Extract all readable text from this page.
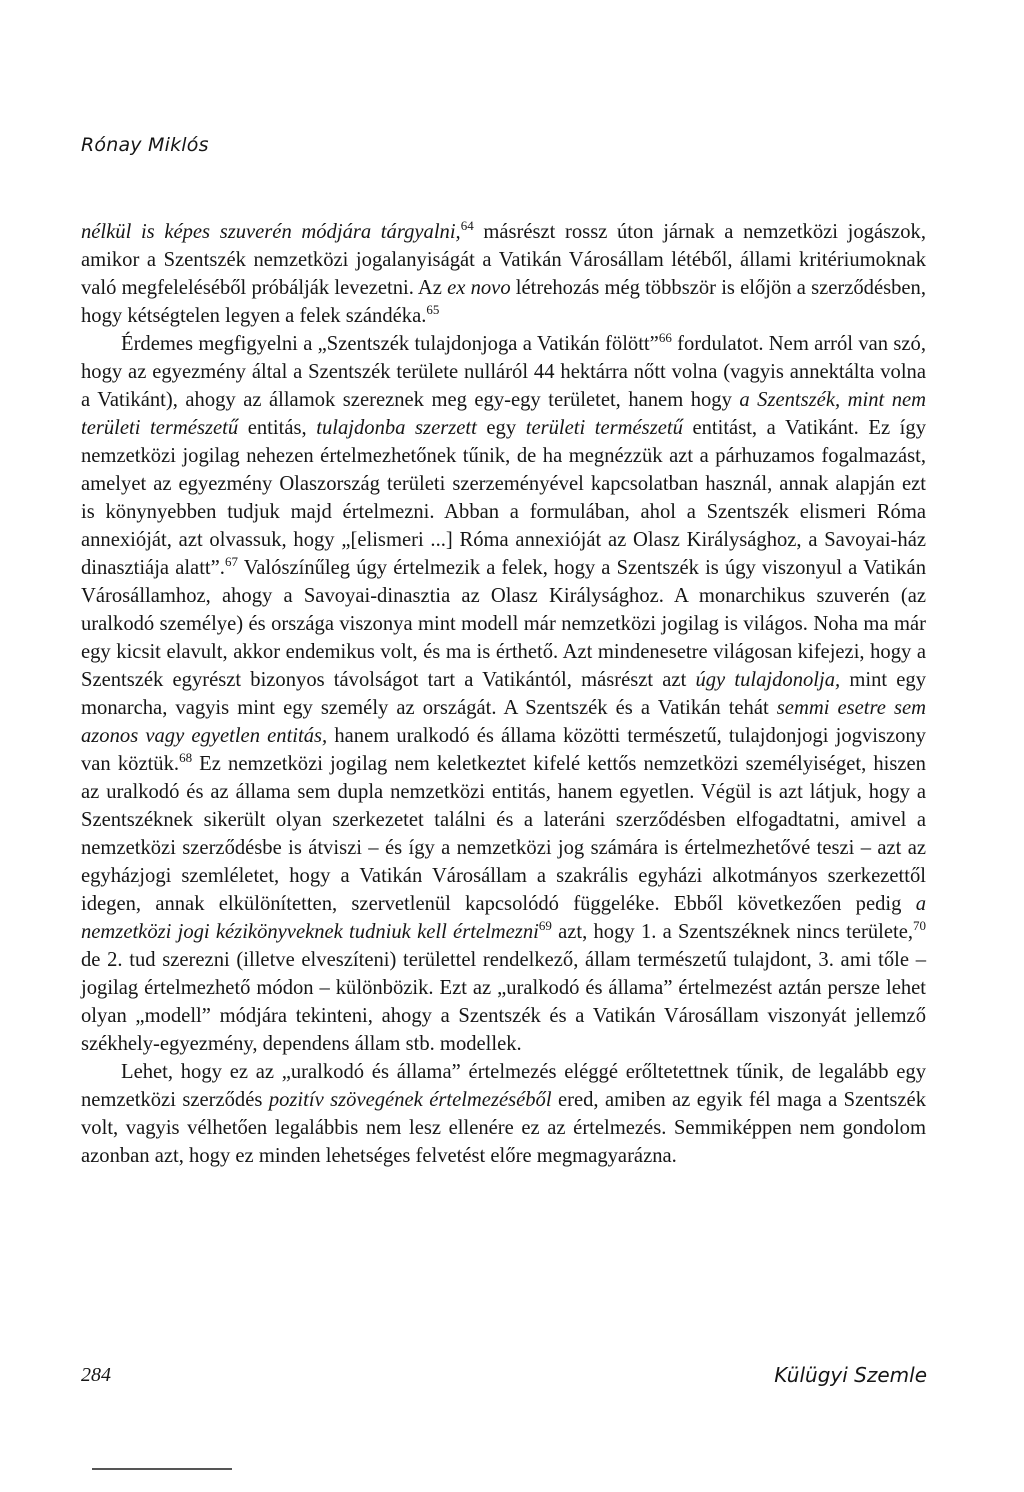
Rónay Miklós

nélkül is képes szuverén módjára tárgyalni,$^{64}$ másrészt rossz úton járnak a nemzetközi jogászok, amikor a Szentszék nemzetközi jogalanyiságát a Vatikán Városállam létéből, állami kritériumoknak való megfeleléséből próbálják levezetni. Az ex novo létrehozás még többször is előjön a szerződésben, hogy kétségtelen legyen a felek szándéka.$^{65}$

Érdemes megfigyelni a „Szentszék tulajdonjoga a Vatikán fölött”$^{66}$ fordulatot. Nem arról van szó, hogy az egyezmény által a Szentszék területe nulláról 44 hektárra nőtt volna (vagyis annektálta volna a Vatikánt), ahogy az államok szereznek meg egy-egy területet, hanem hogy a Szentszék, mint nem területi természetű entitás, tulajdonba szerzett egy területi természetű entitást, a Vatikánt. Ez így nemzetközi jogilag nehezen értelmezhetőnek tűnik, de ha megnézzük azt a párhuzamos fogalmazást, amelyet az egyezmény Olaszország területi szerzeményével kapcsolatban használ, annak alapján ezt is könynyebben tudjuk majd értelmezni. Abban a formulában, ahol a Szentszék elismeri Róma annexióját, azt olvassuk, hogy „[elismeri ...] Róma annexióját az Olasz Királysághoz, a Savoyai-ház dinasztiája alatt”.$^{67}$ Valószínűleg úgy értelmezik a felek, hogy a Szentszék is úgy viszonyul a Vatikán Városállamhoz, ahogy a Savoyai-dinasztia az Olasz Királysághoz. A monarchikus szuverén (az uralkodó személye) és országa viszonya mint modell már nemzetközi jogilag is világos. Noha ma már egy kicsit elavult, akkor endemikus volt, és ma is érthető. Azt mindenesetre világosan kifejezi, hogy a Szentszék egyrészt bizonyos távolságot tart a Vatikántól, másrészt azt úgy tulajdonolja, mint egy monarcha, vagyis mint egy személy az országát. A Szentszék és a Vatikán tehát semmi esetre sem azonos vagy egyetlen entitás, hanem uralkodó és állama közötti természetű, tulajdonjogi jogviszony van köztük.$^{68}$ Ez nemzetközi jogilag nem keletkeztet kifelé kettős nemzetközi személyiséget, hiszen az uralkodó és az állama sem dupla nemzetközi entitás, hanem egyetlen. Végül is azt látjuk, hogy a Szentszéknek sikerült olyan szerkezetet találni és a lateráni szerződésben elfogadtatni, amivel a nemzetközi szerződésbe is átviszi – és így a nemzetközi jog számára is értelmezhetővé teszi – azt az egyházjogi szemléletet, hogy a Vatikán Városállam a szakrális egyházi alkotmányos szerkezettől idegen, annak elkülönítetten, szervetlenül kapcsolódó függeléke. Ebből következően pedig a nemzetközi jogi kézikönyveknek tudniuk kell értelmezni$^{69}$ azt, hogy 1. a Szentszéknek nincs területe,$^{70}$ de 2. tud szerezni (illetve elveszíteni) területtel rendelkező, állam természetű tulajdont, 3. ami tőle – jogilag értelmezhető módon – különbözik. Ezt az „uralkodó és állama” értelmezést aztán persze lehet olyan „modell” módjára tekinteni, ahogy a Szentszék és a Vatikán Városállam viszonyát jellemző székhely-egyezmény, dependens állam stb. modellek.

Lehet, hogy ez az „uralkodó és állama” értelmezés eléggé erőltetettnek tűnik, de legalább egy nemzetközi szerződés pozitív szövegének értelmezéséből ered, amiben az egyik fél maga a Szentszék volt, vagyis vélhetően legalábbis nem lesz ellenére ez az értelmezés. Semmiképpen nem gondolom azonban azt, hogy ez minden lehetséges felvetést előre megmagyarázna.

284	Külügyi Szemle
